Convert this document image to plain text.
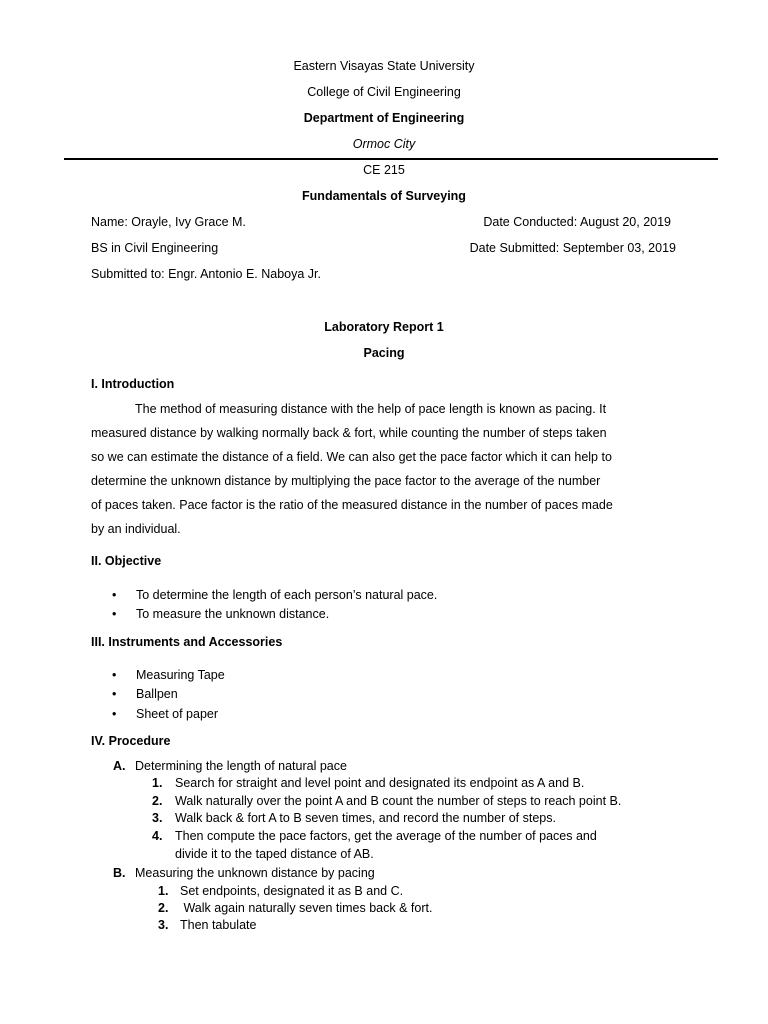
Eastern Visayas State University
College of Civil Engineering
Department of Engineering
Ormoc City
CE 215
Fundamentals of Surveying
Name: Orayle, Ivy Grace M.	Date Conducted: August 20, 2019
BS in Civil Engineering	Date Submitted: September 03, 2019
Submitted to: Engr. Antonio E. Naboya Jr.
Laboratory Report 1
Pacing
I. Introduction
The method of measuring distance with the help of pace length is known as pacing. It
measured distance by walking normally back & fort, while counting the number of steps taken
so we can estimate the distance of a field. We can also get the pace factor which it can help to
determine the unknown distance by multiplying the pace factor to the average of the number
of paces taken. Pace factor is the ratio of the measured distance in the number of paces made
by an individual.
II. Objective
• To determine the length of each person’s natural pace.
• To measure the unknown distance.
III. Instruments and Accessories
• Measuring Tape
• Ballpen
• Sheet of paper
IV. Procedure
A. Determining the length of natural pace
1. Search for straight and level point and designated its endpoint as A and B.
2. Walk naturally over the point A and B count the number of steps to reach point B.
3. Walk back & fort A to B seven times, and record the number of steps.
4. Then compute the pace factors, get the average of the number of paces and
divide it to the taped distance of AB.
B. Measuring the unknown distance by pacing
1. Set endpoints, designated it as B and C.
2. Walk again naturally seven times back & fort.
3. Then tabulate
